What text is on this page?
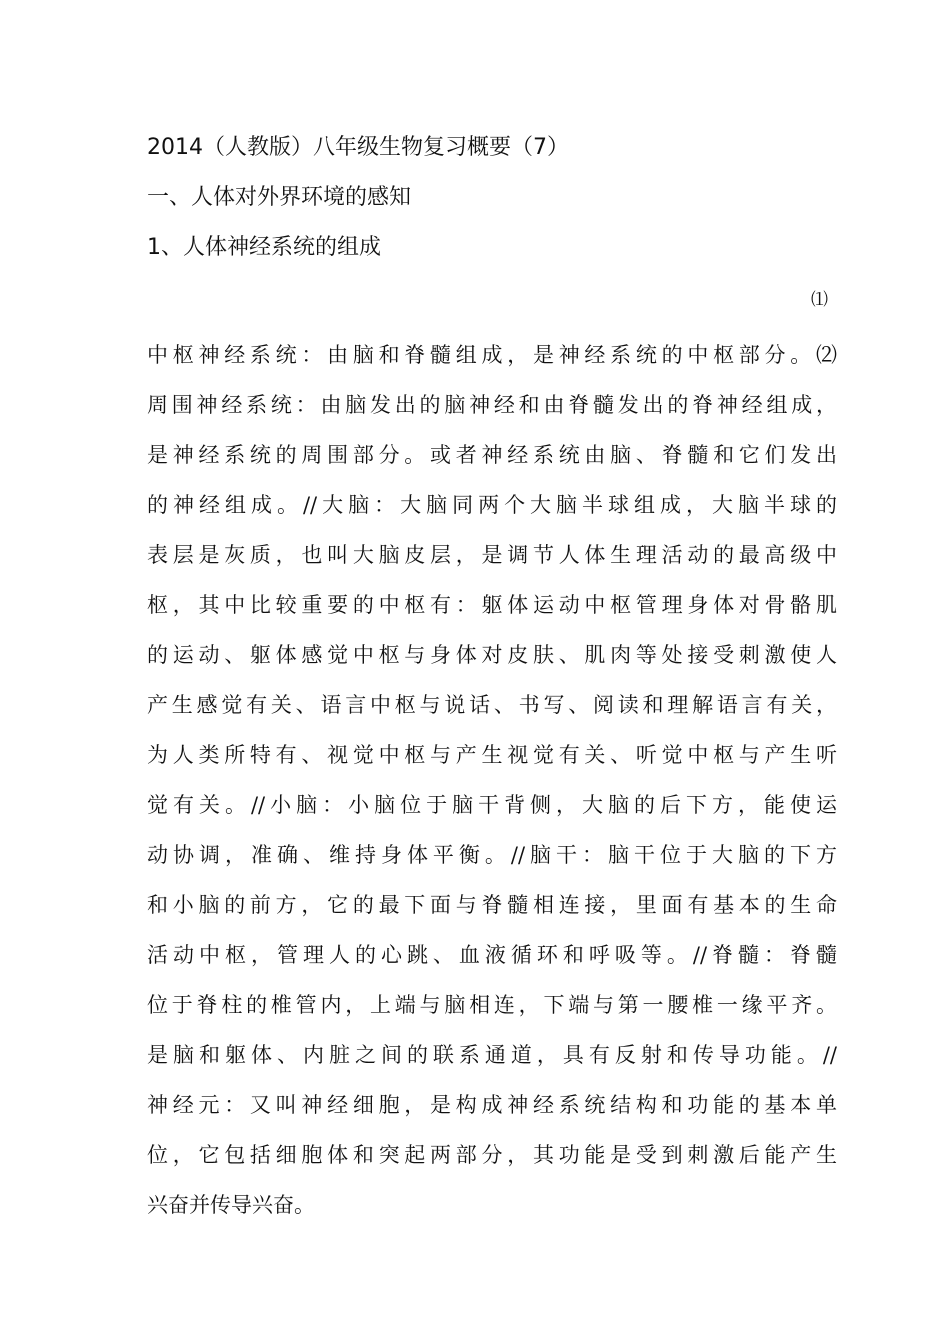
2014（人教版）八年级生物复习概要（7）
一、人体对外界环境的感知
1、人体神经系统的组成
⑴
中枢神经系统：由脑和脊髓组成，是神经系统的中枢部分。⑵
周围神经系统：由脑发出的脑神经和由脊髓发出的脊神经组成，
是神经系统的周围部分。或者神经系统由脑、脊髓和它们发出
的神经组成。//大脑：大脑同两个大脑半球组成，大脑半球的
表层是灰质，也叫大脑皮层，是调节人体生理活动的最高级中
枢，其中比较重要的中枢有：躯体运动中枢管理身体对骨骼肌
的运动、躯体感觉中枢与身体对皮肤、肌肉等处接受刺激使人
产生感觉有关、语言中枢与说话、书写、阅读和理解语言有关，
为人类所特有、视觉中枢与产生视觉有关、听觉中枢与产生听
觉有关。//小脑：小脑位于脑干背侧，大脑的后下方，能使运
动协调，准确、维持身体平衡。//脑干：脑干位于大脑的下方
和小脑的前方，它的最下面与脊髓相连接，里面有基本的生命
活动中枢，管理人的心跳、血液循环和呼吸等。//脊髓：脊髓
位于脊柱的椎管内，上端与脑相连，下端与第一腰椎一缘平齐。
是脑和躯体、内脏之间的联系通道，具有反射和传导功能。//
神经元：又叫神经细胞，是构成神经系统结构和功能的基本单
位，它包括细胞体和突起两部分，其功能是受到刺激后能产生
兴奋并传导兴奋。
